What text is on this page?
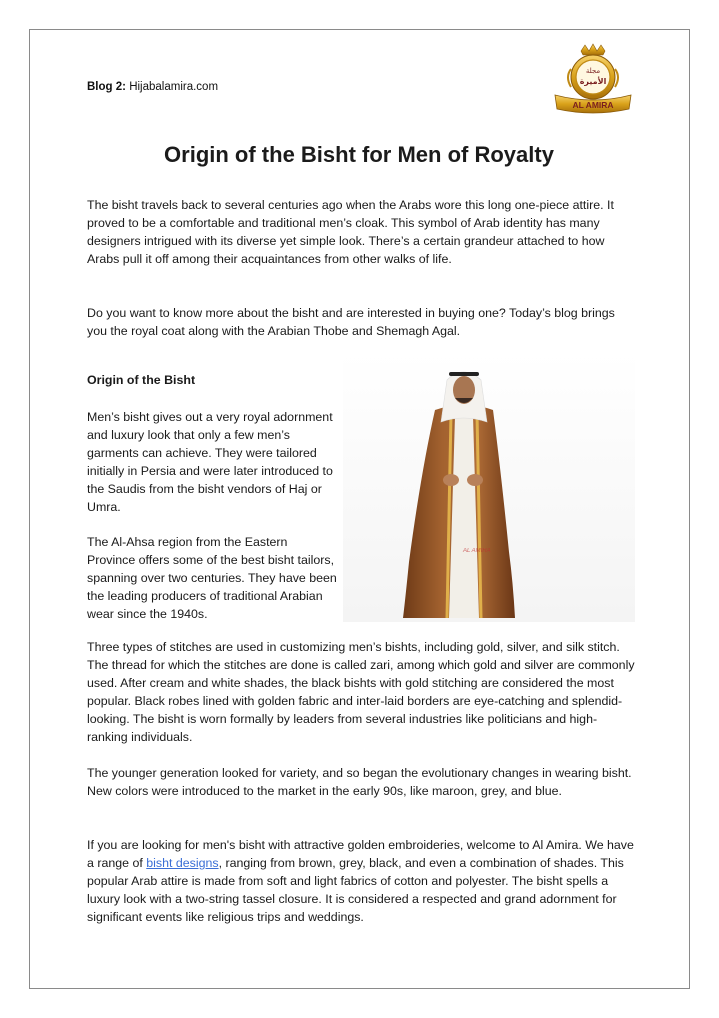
Blog 2: Hijabalamira.com
مجلة
الأميرة
AL AMIRA
Origin of the Bisht for Men of Royalty

The bisht travels back to several centuries ago when the Arabs wore this long one-piece attire. It proved to be a comfortable and traditional men’s cloak. This symbol of Arab identity has many designers intrigued with its diverse yet simple look. There’s a certain grandeur attached to how Arabs pull it off among their acquaintances from other walks of life.

Do you want to know more about the bisht and are interested in buying one? Today’s blog brings you the royal coat along with the Arabian Thobe and Shemagh Agal.

Origin of the Bisht

Men’s bisht gives out a very royal adornment and luxury look that only a few men’s garments can achieve. They were tailored initially in Persia and were later introduced to the Saudis from the bisht vendors of Haj or Umra.

The Al-Ahsa region from the Eastern Province offers some of the best bisht tailors, spanning over two centuries. They have been the leading producers of traditional Arabian wear since the 1940s.

AL AMIRA

Three types of stitches are used in customizing men’s bishts, including gold, silver, and silk stitch. The thread for which the stitches are done is called zari, among which gold and silver are commonly used. After cream and white shades, the black bishts with gold stitching are considered the most popular. Black robes lined with golden fabric and inter-laid borders are eye-catching and splendid-looking. The bisht is worn formally by leaders from several industries like politicians and high-ranking individuals.

The younger generation looked for variety, and so began the evolutionary changes in wearing bisht. New colors were introduced to the market in the early 90s, like maroon, grey, and blue.

If you are looking for men's bisht with attractive golden embroideries, welcome to Al Amira. We have a range of bisht designs, ranging from brown, grey, black, and even a combination of shades. This popular Arab attire is made from soft and light fabrics of cotton and polyester. The bisht spells a luxury look with a two-string tassel closure. It is considered a respected and grand adornment for significant events like religious trips and weddings.
